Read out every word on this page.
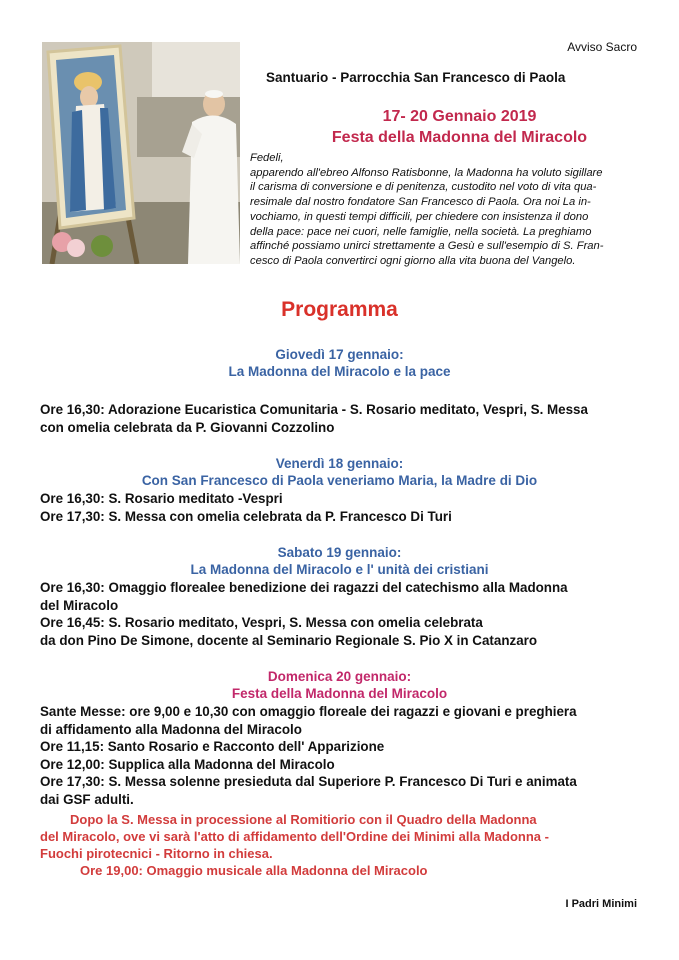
Avviso Sacro
Santuario - Parrocchia San Francesco di Paola
17- 20 Gennaio 2019
Festa della Madonna del Miracolo

Fedeli,

apparendo all'ebreo Alfonso Ratisbonne, la Madonna ha voluto sigillare

il carisma di conversione e di penitenza, custodito nel voto di vita qua-

resimale dal nostro fondatore San Francesco di Paola. Ora noi La in-

vochiamo, in questi tempi difficili, per chiedere con insistenza il dono

della pace: pace nei cuori, nelle famiglie, nella società. La preghiamo

affinché possiamo unirci strettamente a Gesù e sull'esempio di S. Fran-

cesco di Paola convertirci ogni giorno alla vita buona del Vangelo.

Programma
Giovedì 17 gennaio:
La Madonna del Miracolo e la pace

Ore 16,30: Adorazione Eucaristica Comunitaria - S. Rosario meditato, Vespri, S. Messa

con omelia celebrata da P. Giovanni Cozzolino

Venerdì 18 gennaio:
Con San Francesco di Paola veneriamo Maria, la Madre di Dio

Ore 16,30: S. Rosario meditato -Vespri

Ore 17,30: S. Messa con omelia celebrata da P. Francesco Di Turi

Sabato 19 gennaio:
La Madonna del Miracolo e l' unità dei cristiani

Ore 16,30: Omaggio florealee benedizione dei ragazzi del catechismo alla Madonna

del Miracolo

Ore 16,45: S. Rosario meditato, Vespri, S. Messa con omelia celebrata

da don Pino De Simone, docente al Seminario Regionale S. Pio X in Catanzaro

Domenica 20 gennaio:
Festa della Madonna del Miracolo

Sante Messe: ore 9,00 e 10,30 con omaggio floreale dei ragazzi e giovani e preghiera

di affidamento alla Madonna del Miracolo

Ore 11,15: Santo Rosario e Racconto dell' Apparizione

Ore 12,00: Supplica alla Madonna del Miracolo

Ore 17,30: S. Messa solenne presieduta dal Superiore P. Francesco Di Turi e animata

dai GSF adulti.

Dopo la S. Messa in processione al Romitiorio con il Quadro della Madonna
del Miracolo, ove vi sarà l'atto di affidamento dell'Ordine dei Minimi alla Madonna -
Fuochi pirotecnici - Ritorno in chiesa.
Ore 19,00: Omaggio musicale alla Madonna del Miracolo
I Padri Minimi
